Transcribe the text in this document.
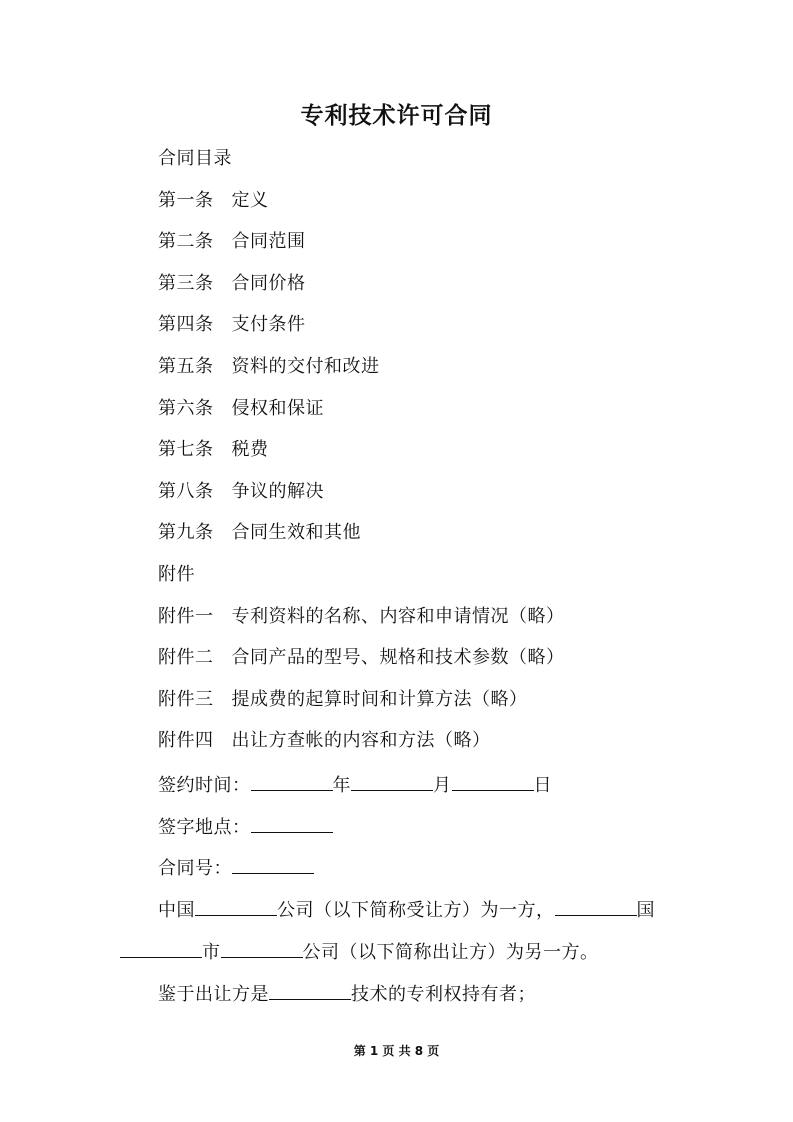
专利技术许可合同
合同目录
第一条 定义
第二条 合同范围
第三条 合同价格
第四条 支付条件
第五条 资料的交付和改进
第六条 侵权和保证
第七条 税费
第八条 争议的解决
第九条 合同生效和其他
附件
附件一 专利资料的名称、内容和申请情况（略）
附件二 合同产品的型号、规格和技术参数（略）
附件三 提成费的起算时间和计算方法（略）
附件四 出让方查帐的内容和方法（略）
签约时间：	年	月	日
签字地点：
合同号：
中国	公司（以下简称受让方）为一方，	国
市	公司（以下简称出让方）为另一方。
鉴于出让方是	技术的专利权持有者；
第 1 页 共 8 页
